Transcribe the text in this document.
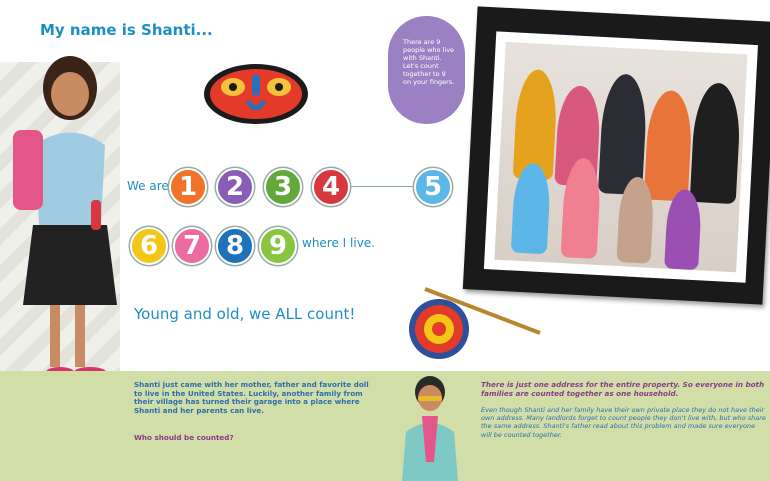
My name is Shanti...
We are 1	2	3	4	5
6 7 8 9	where I live.
Young and old, we ALL count!
There are 9 people who live with Shanti. Let's count together to 9 on your fingers.
Shanti just came with her mother, father and favorite doll to live in the United States. Luckily, another family from their village has turned their garage into a place where Shanti and her parents can live.
Who should be counted?
There is just one address for the entire property. So everyone in both families are counted together as one household.
Even though Shanti and her family have their own private place they do not have their own address. Many landlords forget to count people they don't live with, but who share the same address. Shanti's father read about this problem and made sure everyone will be counted together.
